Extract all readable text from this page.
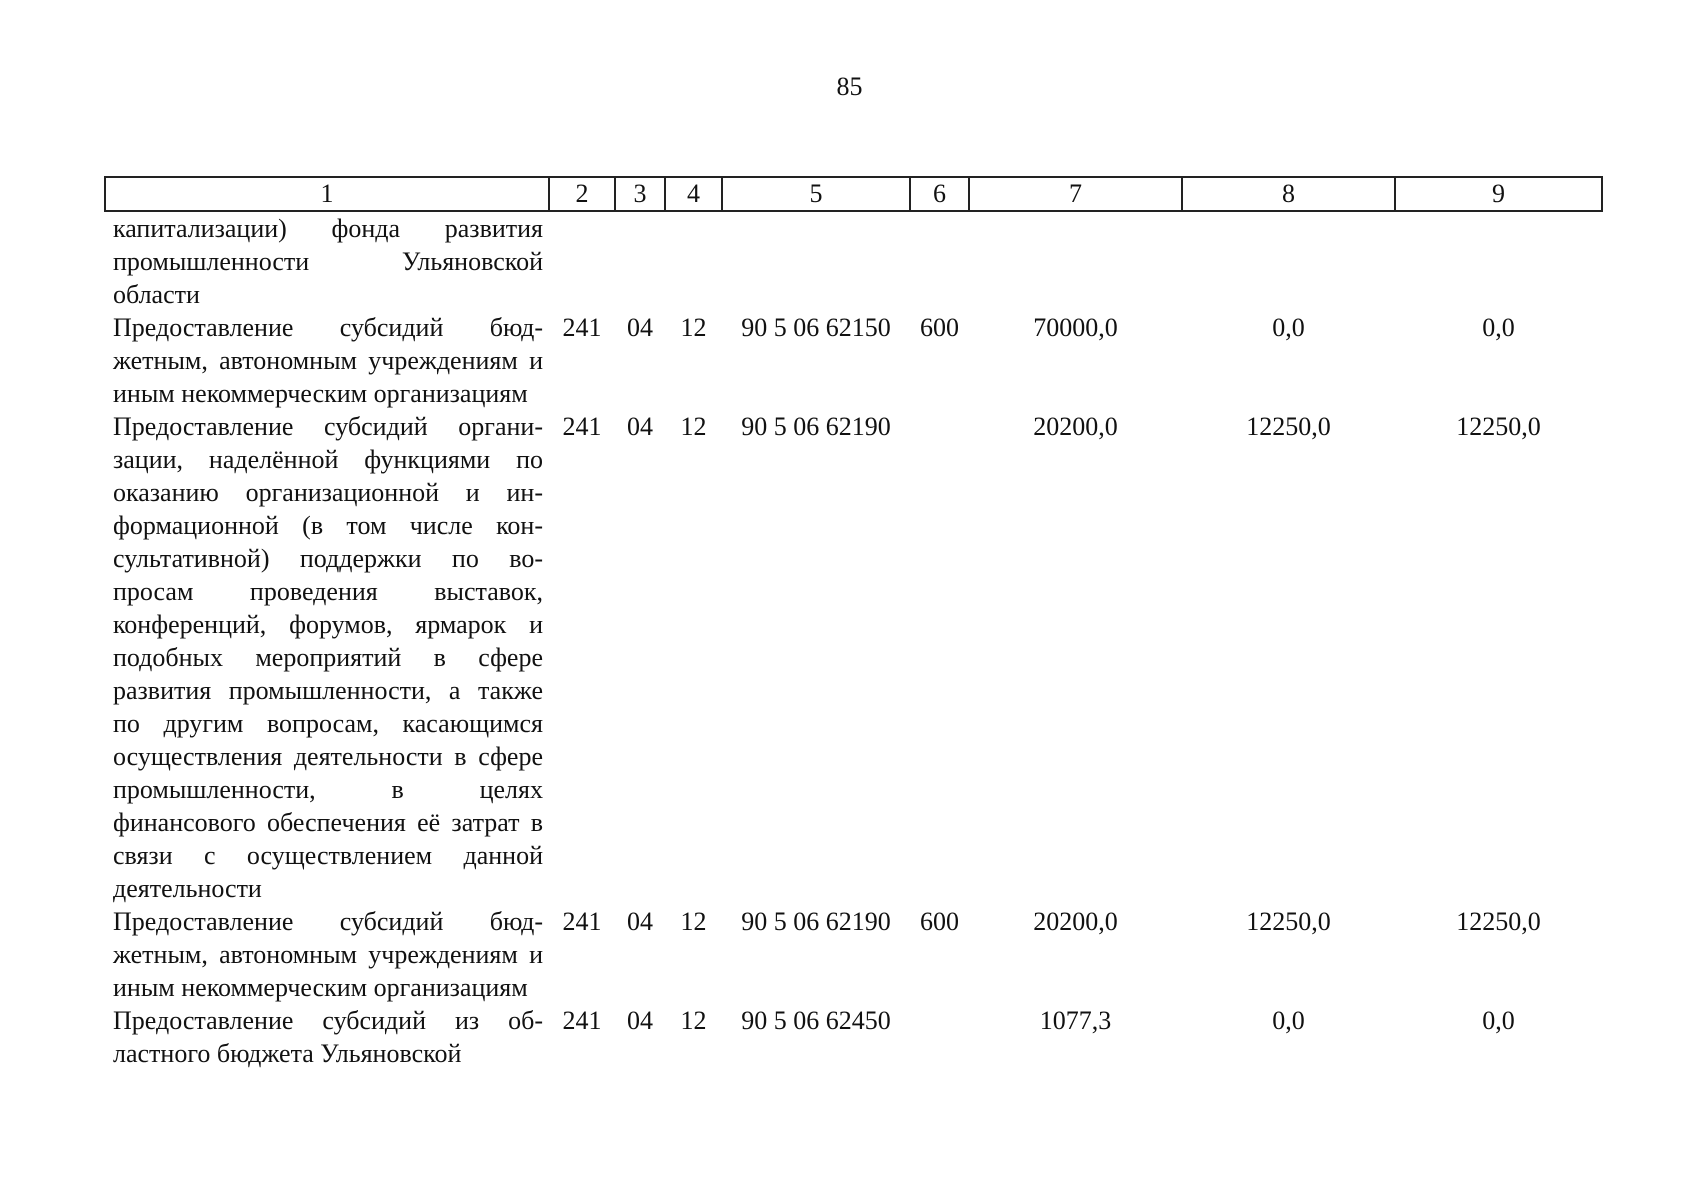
85
1	2	3	4	5	6	7	8	9
капитализации) фонда развития промышленности Ульяновской области								
Предоставление субсидий бюджетным, автономным учреждениям и иным некоммерческим организациям	241	04	12	90 5 06 62150	600	70000,0	0,0	0,0
Предоставление субсидий организации, наделённой функциями по оказанию организационной и информационной (в том числе консультативной) поддержки по вопросам проведения выставок, конференций, форумов, ярмарок и подобных мероприятий в сфере развития промышленности, а также по другим вопросам, касающимся осуществления деятельности в сфере промышленности, в целях финансового обеспечения её затрат в связи с осуществлением данной деятельности	241	04	12	90 5 06 62190		20200,0	12250,0	12250,0
Предоставление субсидий бюджетным, автономным учреждениям и иным некоммерческим организациям	241	04	12	90 5 06 62190	600	20200,0	12250,0	12250,0
Предоставление субсидий из областного бюджета Ульяновской	241	04	12	90 5 06 62450		1077,3	0,0	0,0
